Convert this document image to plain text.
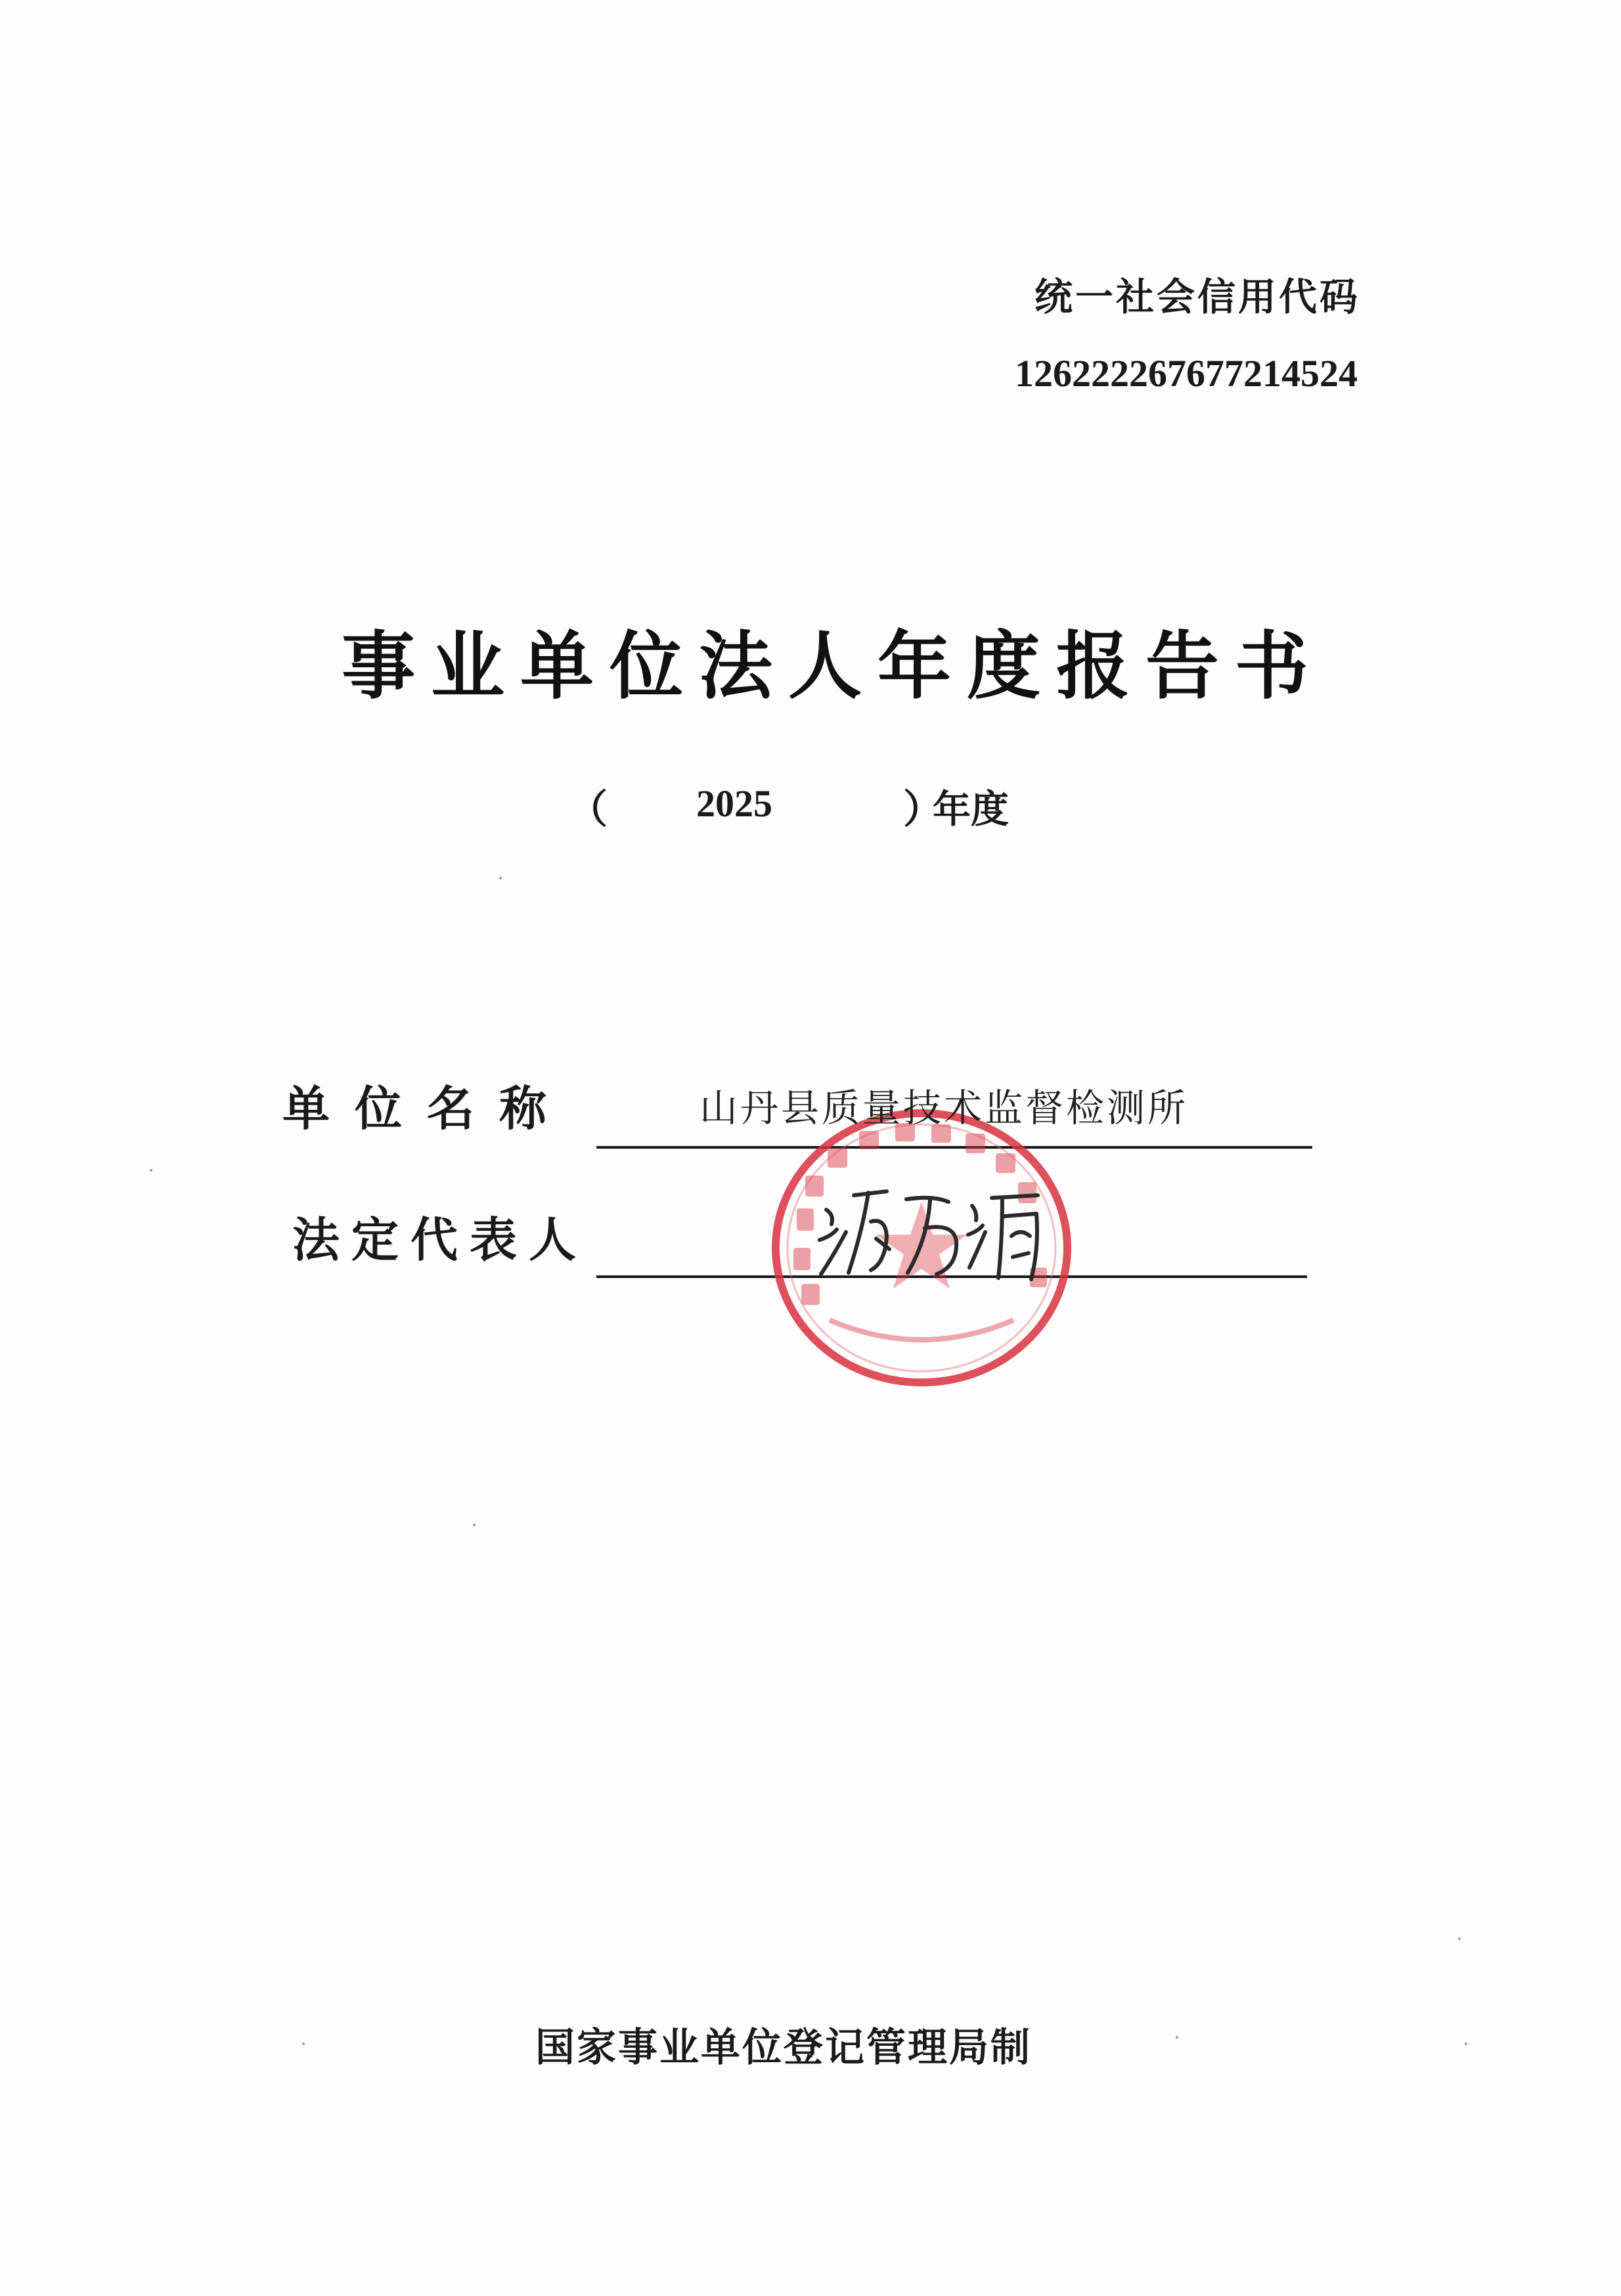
统一社会信用代码
126222267677214524
事业单位法人年度报告书
（ 2025	）
年度
单位名称
法定代表人
山丹县质量技术监督检测所
国家事业单位登记管理局制
